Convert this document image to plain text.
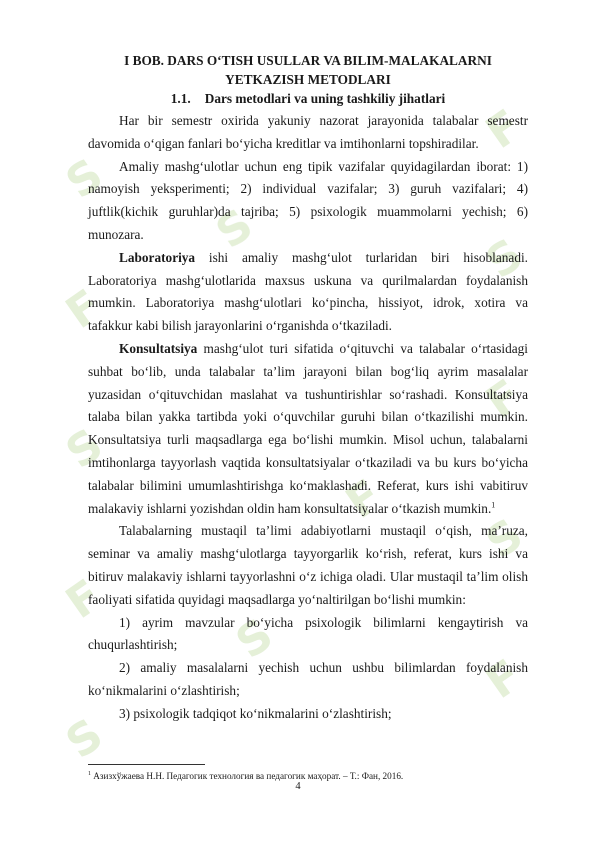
S
F
S
F
S
F
S
F
S
F
S
F
S
I BOB. DARS O‘TISH USULLAR VA BILIM-MALAKALARNI
YETKAZISH METODLARI
1.1. Dars metodlari va uning tashkiliy jihatlari

Har bir semestr oxirida yakuniy nazorat jarayonida talabalar semestr davomida o‘qigan fanlari bo‘yicha kreditlar va imtihonlarni topshiradilar.

Amaliy mashg‘ulotlar uchun eng tipik vazifalar quyidagilardan iborat: 1) namoyish yeksperimenti; 2) individual vazifalar; 3) guruh vazifalari; 4) juftlik(kichik guruhlar)da tajriba; 5) psixologik muammolarni yechish; 6) munozara.

Laboratoriya ishi amaliy mashg‘ulot turlaridan biri hisoblanadi. Laboratoriya mashg‘ulotlarida maxsus uskuna va qurilmalardan foydalanish mumkin. Laboratoriya mashg‘ulotlari ko‘pincha, hissiyot, idrok, xotira va tafakkur kabi bilish jarayonlarini o‘rganishda o‘tkaziladi.

Konsultatsiya mashg‘ulot turi sifatida o‘qituvchi va talabalar o‘rtasidagi suhbat bo‘lib, unda talabalar ta’lim jarayoni bilan bog‘liq ayrim masalalar yuzasidan o‘qituvchidan maslahat va tushuntirishlar so‘rashadi. Konsultatsiya talaba bilan yakka tartibda yoki o‘quvchilar guruhi bilan o‘tkazilishi mumkin. Konsultatsiya turli maqsadlarga ega bo‘lishi mumkin. Misol uchun, talabalarni imtihonlarga tayyorlash vaqtida konsultatsiyalar o‘tkaziladi va bu kurs bo‘yicha talabalar bilimini umumlashtirishga ko‘maklashadi. Referat, kurs ishi vabitiruv malakaviy ishlarni yozishdan oldin ham konsultatsiyalar o‘tkazish mumkin.$^1$

Talabalarning mustaqil ta’limi adabiyotlarni mustaqil o‘qish, ma’ruza, seminar va amaliy mashg‘ulotlarga tayyorgarlik ko‘rish, referat, kurs ishi va bitiruv malakaviy ishlarni tayyorlashni o‘z ichiga oladi. Ular mustaqil ta’lim olish faoliyati sifatida quyidagi maqsadlarga yo‘naltirilgan bo‘lishi mumkin:

1) ayrim mavzular bo‘yicha psixologik bilimlarni kengaytirish va chuqurlashtirish;

2) amaliy masalalarni yechish uchun ushbu bilimlardan foydalanish ko‘nikmalarini o‘zlashtirish;

3) psixologik tadqiqot ko‘nikmalarini o‘zlashtirish;

$^1$ Азизхўжаева Н.Н. Педагогик технология ва педагогик маҳорат. – Т.: Фан, 2016.
4
